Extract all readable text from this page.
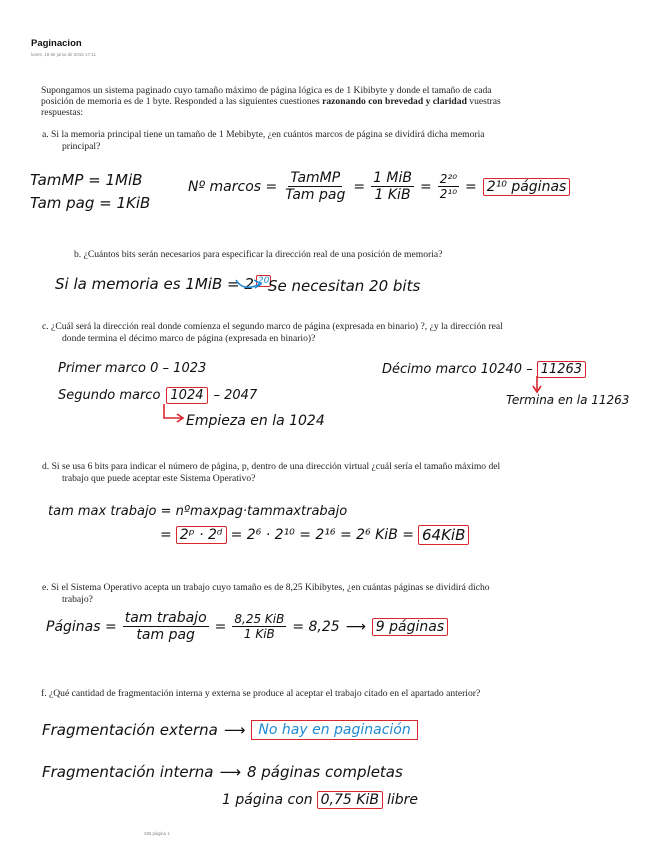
Paginacion
lunes, 18 de junio de 2018 17:11
Supongamos un sistema paginado cuyo tamaño máximo de página lógica es de 1 Kibibyte y donde el tamaño de cada
posición de memoria es de 1 byte. Responded a las siguientes cuestiones razonando con brevedad y claridad vuestras
respuestas:
a. Si la memoria principal tiene un tamaño de 1 Mebibyte, ¿en cuántos marcos de página se dividirá dicha memoria
principal?
TamMP = 1MiB
Tam pag = 1KiB
Nº $marcos = \frac{\text{TamMP}}{\text{Tam pag}} = \frac{\text{1 MiB}}{\text{1 KiB}} = \frac{\text{2²⁰}}{\text{2¹⁰}} = 2^{10}$ páginas
b. ¿Cuántos bits serán necesarios para especificar la dirección real de una posición de memoria?
Si la memoria es 1MiB = 2 20
Se necesitan 20 bits
c. ¿Cuál será la dirección real donde comienza el segundo marco de página (expresada en binario) ?, ¿y la dirección real
donde termina el décimo marco de página (expresada en binario)?
Primer marco 0 – 1023
Segundo marco 1024 – 2047
Empieza en la 1024
Décimo marco 10240 – 11263
Termina en la 11263
d. Si se usa 6 bits para indicar el número de página, p, dentro de una dirección virtual ¿cuál sería el tamaño máximo del
trabajo que puede aceptar este Sistema Operativo?
tam max trabajo = nºmaxpag·tammaxtrabajo
= 2ᵖ · 2ᵈ = 2⁶ · 2¹⁰ = 2¹⁶ = 2⁶ KiB = 64KiB
e. Si el Sistema Operativo acepta un trabajo cuyo tamaño es de 8,25 Kibibytes, ¿en cuántas páginas se dividirá dicho
trabajo?
Páginas = $\frac{\text{tam trabajo}}{\text{tam pag}} = \frac{\text{8,25 KiB}}{\text{1 KiB}} = 8,25$ ⟶ 9 páginas
f. ¿Qué cantidad de fragmentación interna y externa se produce al aceptar el trabajo citado en el apartado anterior?
Fragmentación externa ⟶ No hay en paginación
Fragmentación interna ⟶ 8 páginas completas
1 página con 0,75 KiB libre
SIB página 1
